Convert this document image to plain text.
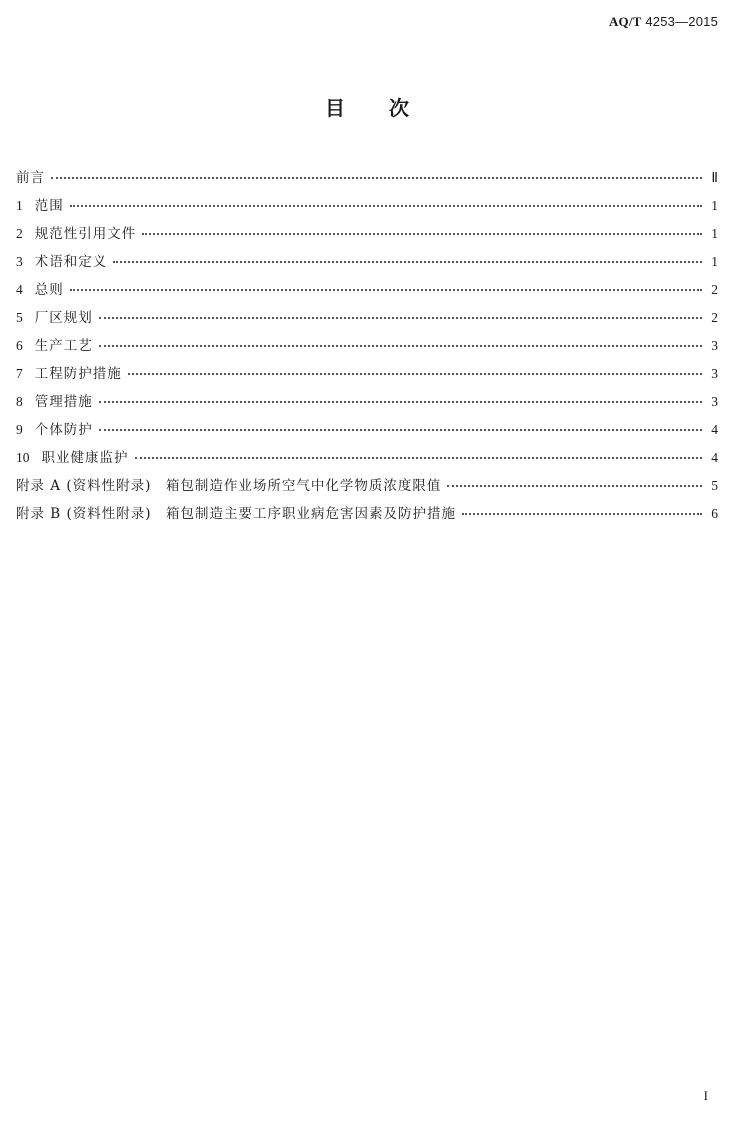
AQ/T 4253—2015
目次
前言	Ⅱ
1 范围	1
2 规范性引用文件	1
3 术语和定义	1
4 总则	2
5 厂区规划	2
6 生产工艺	3
7 工程防护措施	3
8 管理措施	3
9 个体防护	4
10 职业健康监护	4
附录 A (资料性附录)　箱包制造作业场所空气中化学物质浓度限值	5
附录 B (资料性附录)　箱包制造主要工序职业病危害因素及防护措施	6
I
